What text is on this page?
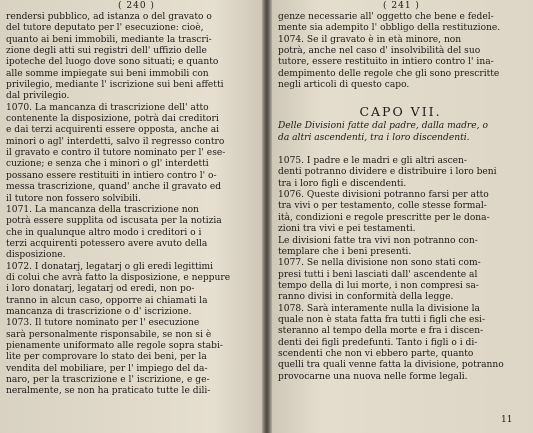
( 240 )
rendersi pubblico, ad istanza o del gravato o
del tutore deputato per l' esecuzione: cioè,
quanto ai beni immobili, mediante la trascri-
zione degli atti sui registri dell' uffizio delle
ipoteche del luogo dove sono situati; e quanto
alle somme impiegate sui beni immobili con
privilegio, mediante l' iscrizione sui beni affetti
dal privilegio.
1070. La mancanza di trascrizione dell' atto
contenente la disposizione, potrà dai creditori
e dai terzi acquirenti essere opposta, anche ai
minori o agl' interdetti, salvo il regresso contro
il gravato e contro il tutore nominato per l' ese-
cuzione; e senza che i minori o gl' interdetti
possano essere restituiti in intiero contro l' o-
messa trascrizione, quand' anche il gravato ed
il tutore non fossero solvibili.
1071. La mancanza della trascrizione non
potrà essere supplita od iscusata per la notizia
che in qualunque altro modo i creditori o i
terzi acquirenti potessero avere avuto della
disposizione.
1072. I donatarj, legatarj o gli eredi legittimi
di colui che avrà fatto la disposizione, e neppure
i loro donatarj, legatarj od eredi, non po-
tranno in alcun caso, opporre ai chiamati la
mancanza di trascrizione o d' iscrizione.
1073. Il tutore nominato per l' esecuzione
sarà personalmente risponsabile, se non si è
pienamente uniformato alle regole sopra stabi-
lite per comprovare lo stato dei beni, per la
vendita del mobiliare, per l' impiego del da-
naro, per la trascrizione e l' iscrizione, e ge-
neralmente, se non ha praticato tutte le dili-
( 241 )
genze necessarie all' oggetto che bene e fedel-
mente sia adempito l' obbligo della restituzione.
1074. Se il gravato è in età minore, non
potrà, anche nel caso d' insolvibilità del suo
tutore, essere restituito in intiero contro l' ina-
dempimento delle regole che gli sono prescritte
negli articoli di questo capo.
CAPO VII.
Delle Divisioni fatte dal padre, dalla madre, o
da altri ascendenti, tra i loro discendenti.
1075. I padre e le madri e gli altri ascen-
denti potranno dividere e distribuire i loro beni
tra i loro figli e discendenti.
1076. Queste divisioni potranno farsi per atto
tra vivi o per testamento, colle stesse formal-
ità, condizioni e regole prescritte per le dona-
zioni tra vivi e pei testamenti.
Le divisioni fatte tra vivi non potranno con-
templare che i beni presenti.
1077. Se nella divisione non sono stati com-
presi tutti i beni lasciati dall' ascendente al
tempo della di lui morte, i non compresi sa-
ranno divisi in conformità della legge.
1078. Sarà interamente nulla la divisione la
quale non è stata fatta fra tutti i figli che esi-
steranno al tempo della morte e fra i discen-
denti dei figli predefunti. Tanto i figli o i di-
scendenti che non vi ebbero parte, quanto
quelli tra quali venne fatta la divisione, potranno
provocarne una nuova nelle forme legali.
11
